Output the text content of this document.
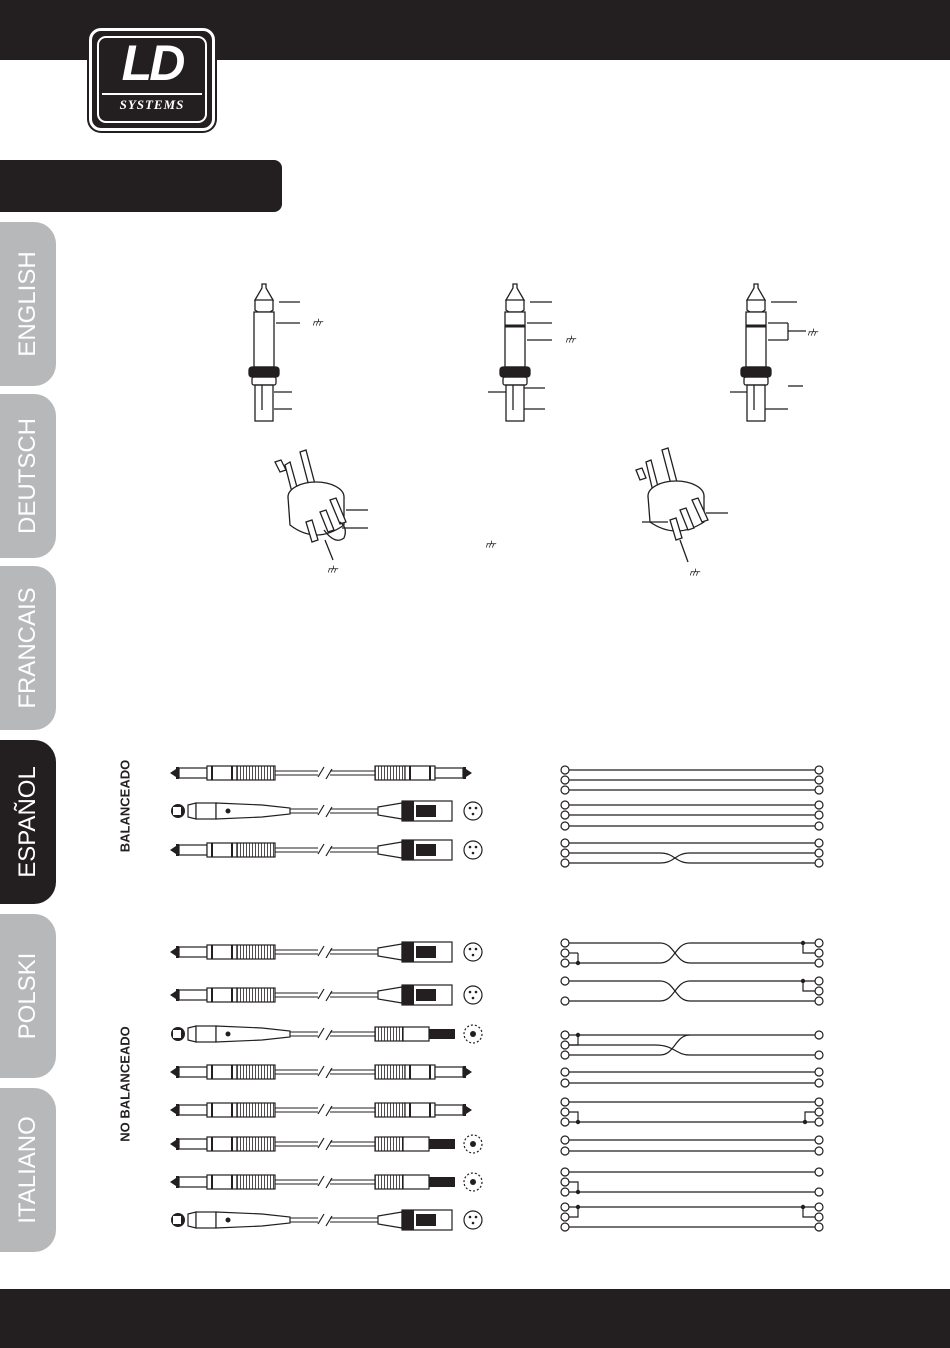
LD
SYSTEMS
ENGLISH
DEUTSCH
FRANCAIS
ESPAÑOL
POLSKI
ITALIANO
BALANCEADO
NO BALANCEADO
